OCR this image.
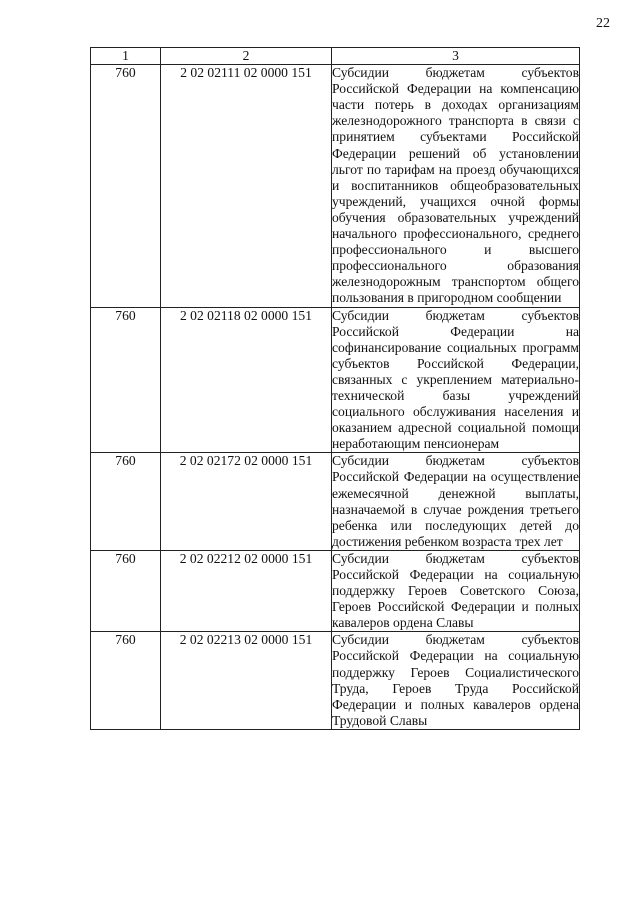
22
1	2	3
760	2 02 02111 02 0000 151	Субсидии бюджетам субъектов Российской Федерации на компенсацию части потерь в доходах организациям железнодорожного транспорта в связи с принятием субъектами Российской Федерации решений об установлении льгот по тарифам на проезд обучающихся и воспитанников общеобразовательных учреждений, учащихся очной формы обучения образовательных учреждений начального профессионального, среднего профессионального и высшего профессионального образования железнодорожным транспортом общего пользования в пригородном сообщении
760	2 02 02118 02 0000 151	Субсидии бюджетам субъектов Российской Федерации на софинансирование социальных программ субъектов Российской Федерации, связанных с укреплением материально-технической базы учреждений социального обслуживания населения и оказанием адресной социальной помощи неработающим пенсионерам
760	2 02 02172 02 0000 151	Субсидии бюджетам субъектов Российской Федерации на осуществление ежемесячной денежной выплаты, назначаемой в случае рождения третьего ребенка или последующих детей до достижения ребенком возраста трех лет
760	2 02 02212 02 0000 151	Субсидии бюджетам субъектов Российской Федерации на социальную поддержку Героев Советского Союза, Героев Российской Федерации и полных кавалеров ордена Славы
760	2 02 02213 02 0000 151	Субсидии бюджетам субъектов Российской Федерации на социальную поддержку Героев Социалистического Труда, Героев Труда Российской Федерации и полных кавалеров ордена Трудовой Славы
